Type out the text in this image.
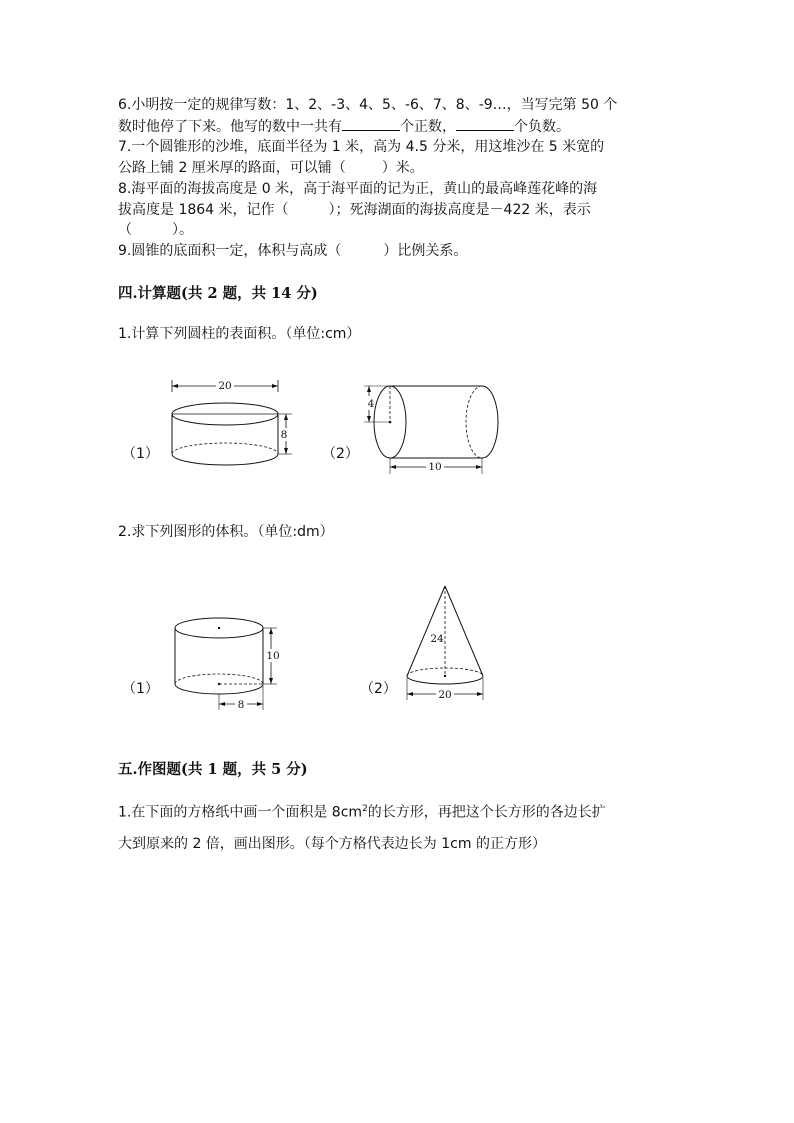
6.小明按一定的规律写数：1、2、-3、4、5、-6、7、8、-9…，当写完第 50 个
数时他停了下来。他写的数中一共有	个正数，	个负数。
7.一个圆锥形的沙堆，底面半径为 1 米，高为 4.5 分米，用这堆沙在 5 米宽的
公路上铺 2 厘米厚的路面，可以铺（	）米。
8.海平面的海拔高度是 0 米，高于海平面的记为正，黄山的最高峰莲花峰的海
拔高度是 1864 米，记作（	）；死海湖面的海拔高度是－422 米，表示
（	）。
9.圆锥的底面积一定，体积与高成（	）比例关系。
四.计算题(共 2 题，共 14 分)
1.计算下列圆柱的表面积。（单位:cm）
（1）
20
8
（2）
4
10
2.求下列图形的体积。（单位:dm）
（1）
10
8
（2）
24
20
五.作图题(共 1 题，共 5 分)
1.在下面的方格纸中画一个面积是 $8cm^2$的长方形，再把这个长方形的各边长扩
大到原来的 2 倍，画出图形。（每个方格代表边长为 1cm 的正方形）
